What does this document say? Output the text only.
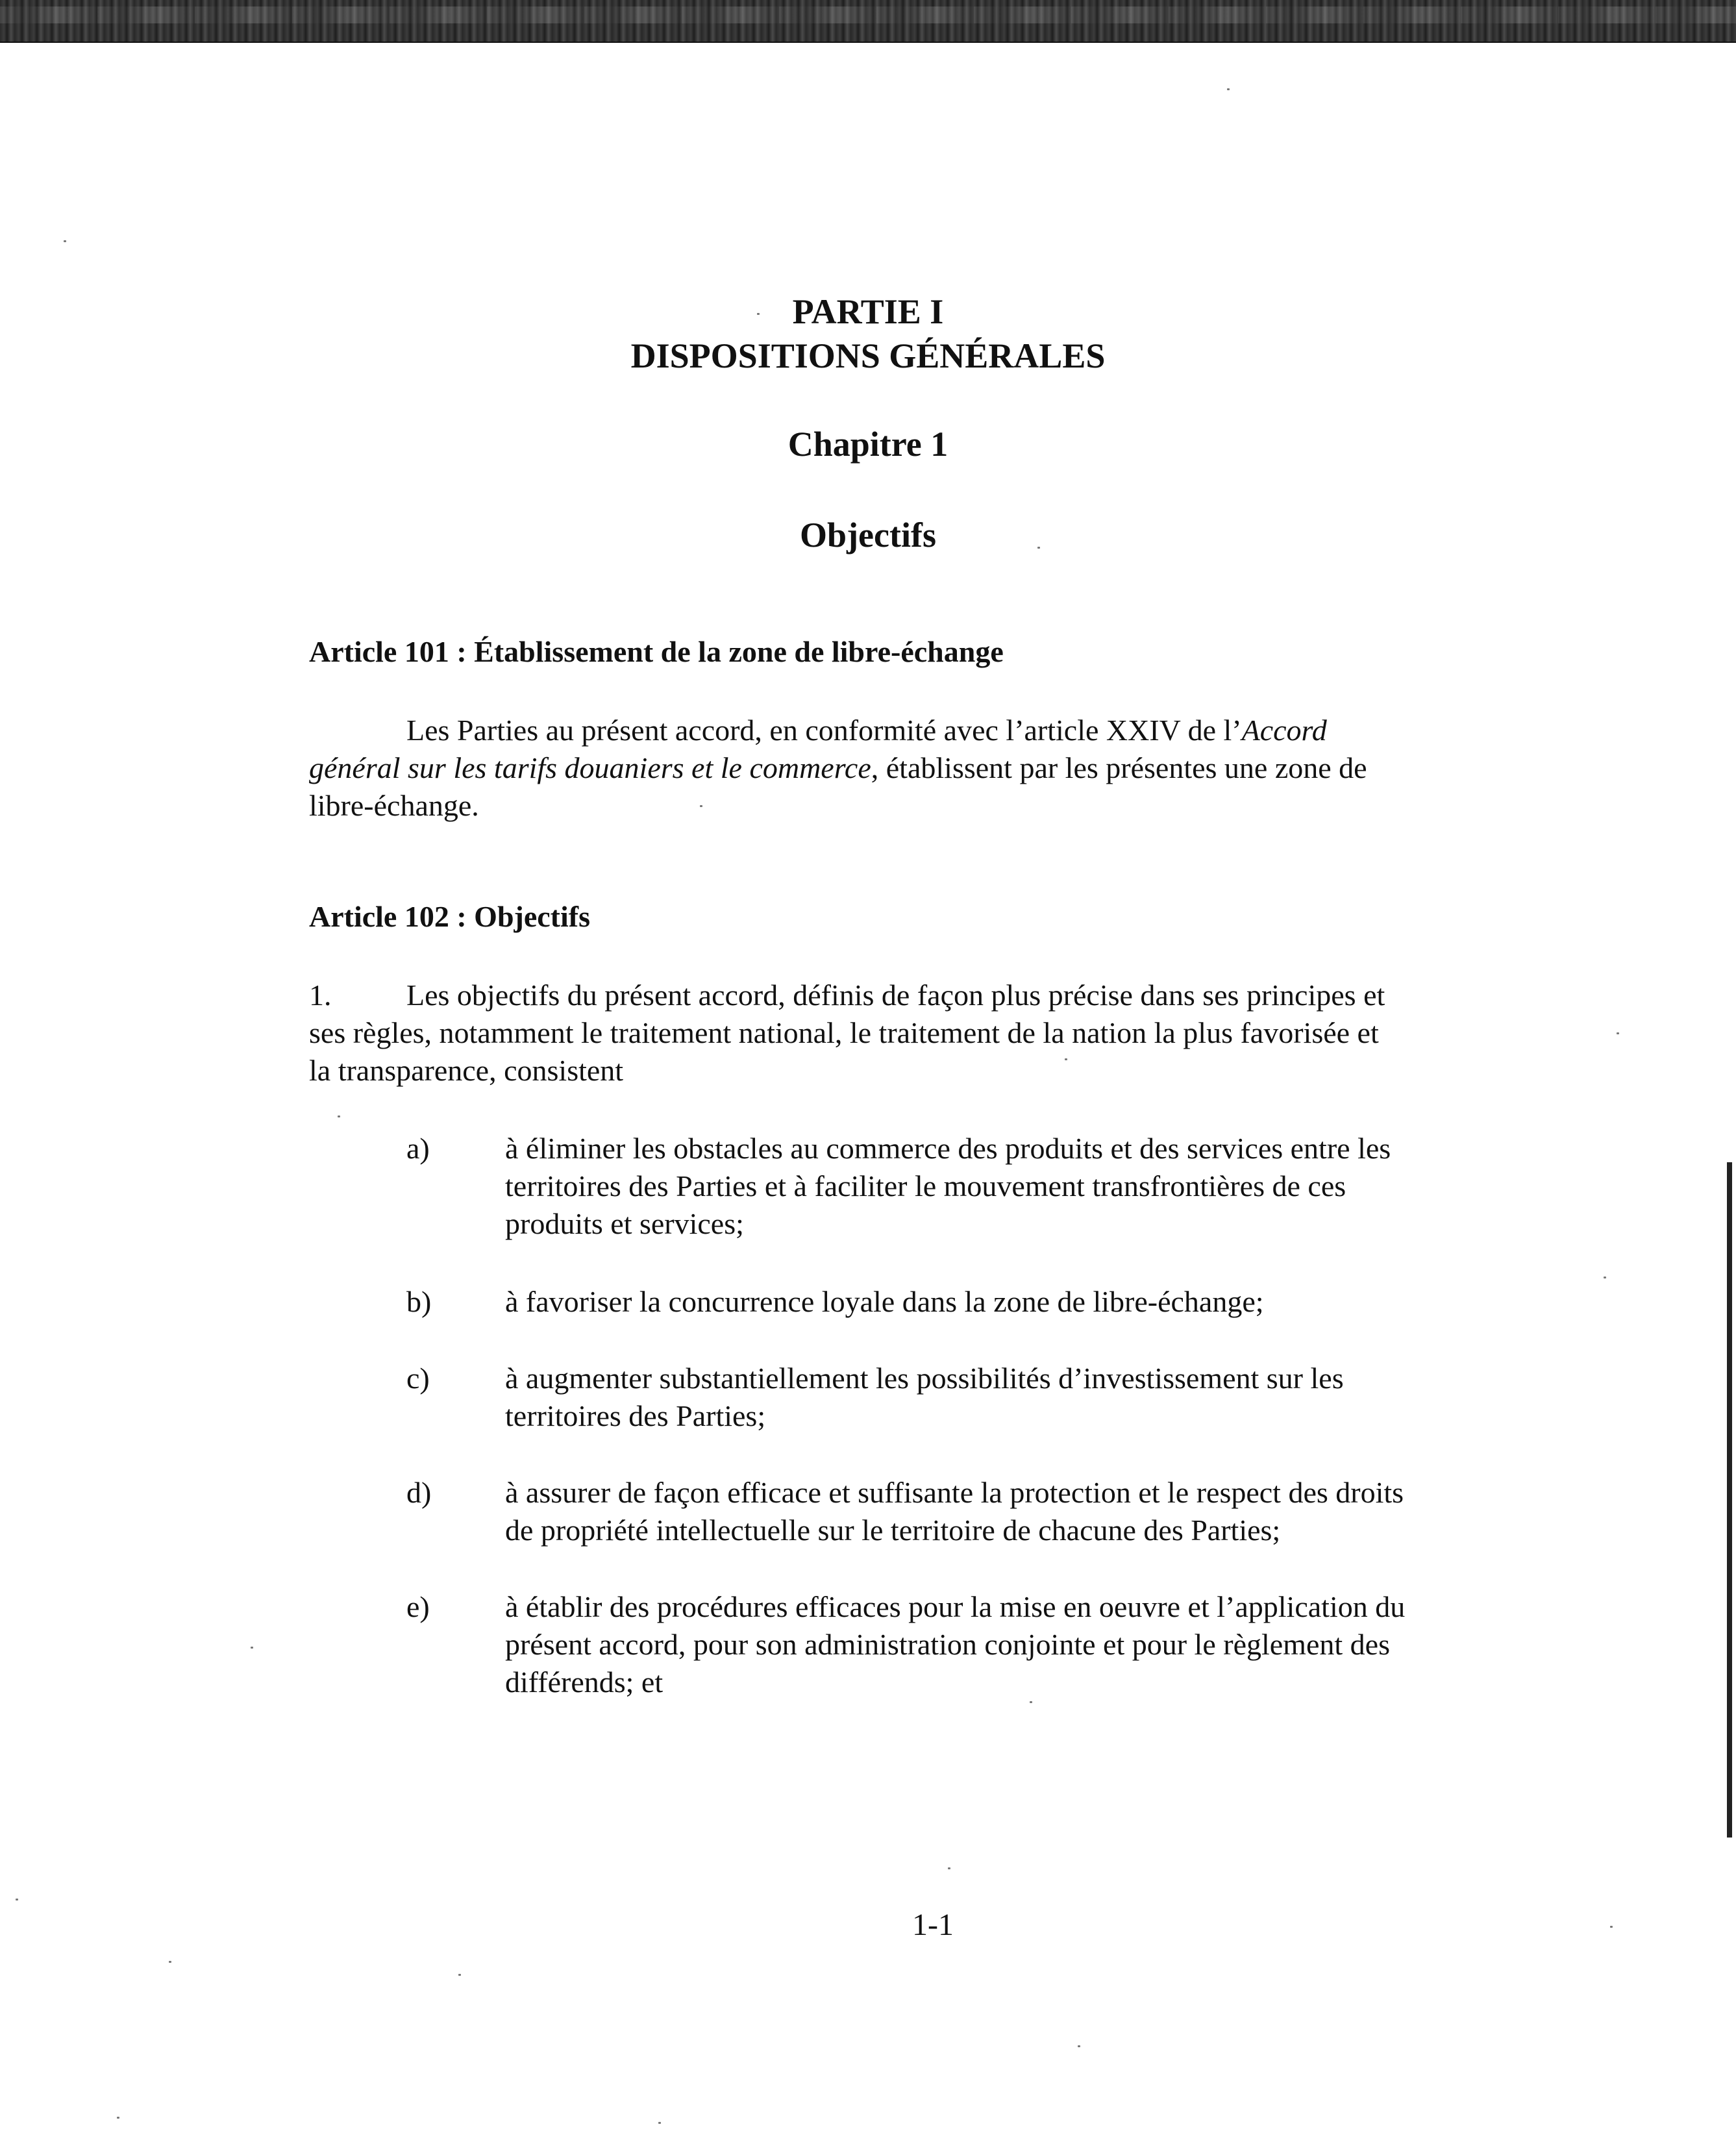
PARTIE I
DISPOSITIONS GÉNÉRALES
Chapitre 1
Objectifs
Article 101 : Établissement de la zone de libre-échange
Les Parties au présent accord, en conformité avec l’article XXIV de l’Accord
général sur les tarifs douaniers et le commerce, établissent par les présentes une zone de
libre-échange.
Article 102 : Objectifs
1.	Les objectifs du présent accord, définis de façon plus précise dans ses principes et
ses règles, notamment le traitement national, le traitement de la nation la plus favorisée et
la transparence, consistent

a)	à éliminer les obstacles au commerce des produits et des services entre les
territoires des Parties et à faciliter le mouvement transfrontières de ces
produits et services;

b) à favoriser la concurrence loyale dans la zone de libre-échange;

c)	à augmenter substantiellement les possibilités d’investissement sur les
territoires des Parties;

d) à assurer de façon efficace et suffisante la protection et le respect des droits
de propriété intellectuelle sur le territoire de chacune des Parties;

e)	à établir des procédures efficaces pour la mise en oeuvre et l’application du
présent accord, pour son administration conjointe et pour le règlement des
différends; et

1-1
